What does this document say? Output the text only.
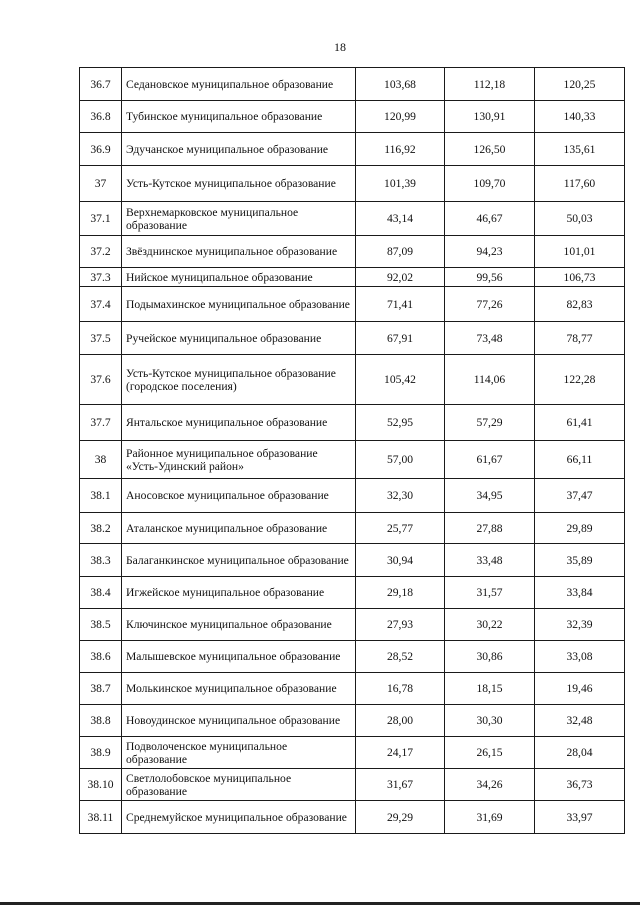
18
36.7	Седановское муниципальное образование	103,68	112,18	120,25
36.8	Тубинское муниципальное образование	120,99	130,91	140,33
36.9	Эдучанское муниципальное образование	116,92	126,50	135,61
37	Усть-Кутское муниципальное образование	101,39	109,70	117,60
37.1	Верхнемарковское муниципальное образование	43,14	46,67	50,03
37.2	Звёзднинское муниципальное образование	87,09	94,23	101,01
37.3	Нийское муниципальное образование	92,02	99,56	106,73
37.4	Подымахинское муниципальное образование	71,41	77,26	82,83
37.5	Ручейское муниципальное образование	67,91	73,48	78,77
37.6	Усть-Кутское муниципальное образование (городское поселения)	105,42	114,06	122,28
37.7	Янтальское муниципальное образование	52,95	57,29	61,41
38	Районное муниципальное образование «Усть-Удинский район»	57,00	61,67	66,11
38.1	Аносовское муниципальное образование	32,30	34,95	37,47
38.2	Аталанское муниципальное образование	25,77	27,88	29,89
38.3	Балаганкинское муниципальное образование	30,94	33,48	35,89
38.4	Игжейское муниципальное образование	29,18	31,57	33,84
38.5	Ключинское муниципальное образование	27,93	30,22	32,39
38.6	Малышевское муниципальное образование	28,52	30,86	33,08
38.7	Молькинское муниципальное образование	16,78	18,15	19,46
38.8	Новоудинское муниципальное образование	28,00	30,30	32,48
38.9	Подволоченское муниципальное образование	24,17	26,15	28,04
38.10	Светлолобовское муниципальное образование	31,67	34,26	36,73
38.11	Среднемуйское муниципальное образование	29,29	31,69	33,97
